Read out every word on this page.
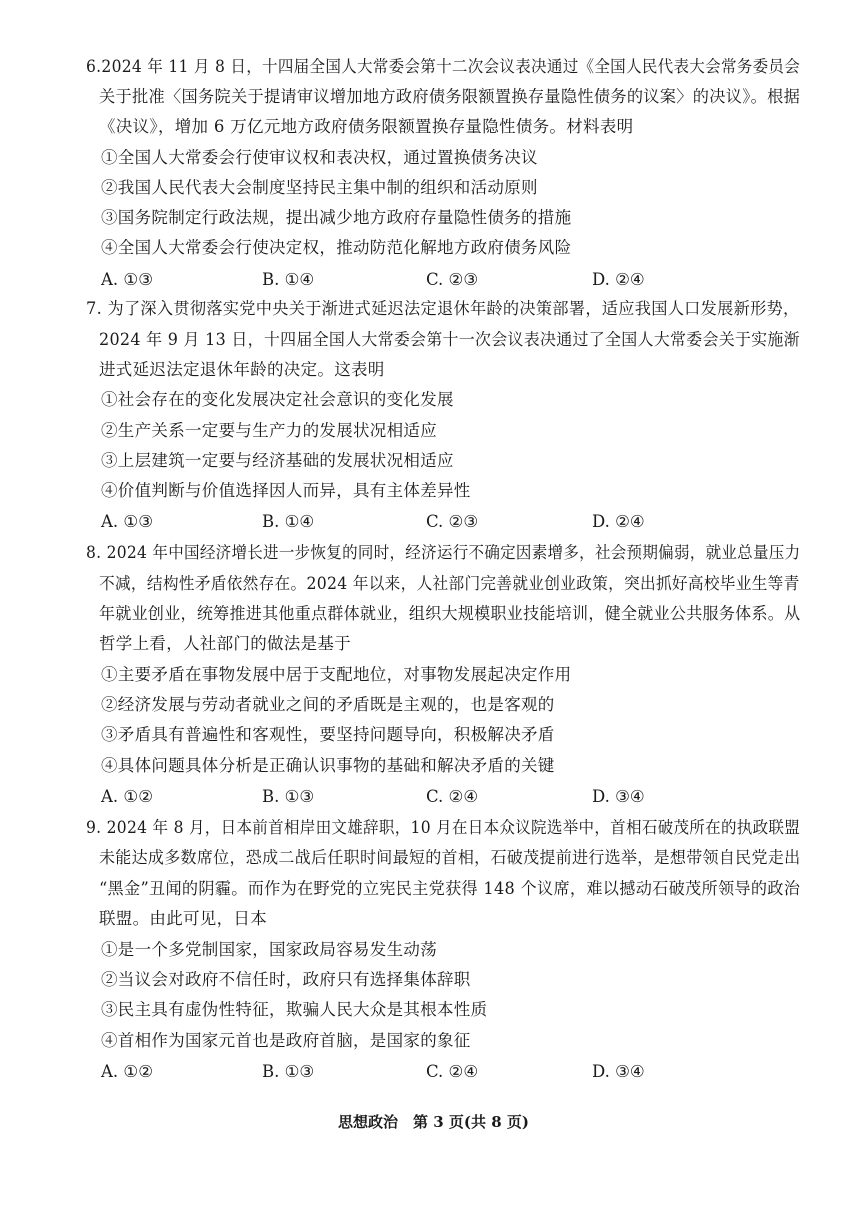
6.2024 年 11 月 8 日，十四届全国人大常委会第十二次会议表决通过《全国人民代表大会常务委员会
关于批准〈国务院关于提请审议增加地方政府债务限额置换存量隐性债务的议案〉的决议》。根据
《决议》，增加 6 万亿元地方政府债务限额置换存量隐性债务。材料表明
①全国人大常委会行使审议权和表决权，通过置换债务决议
②我国人民代表大会制度坚持民主集中制的组织和活动原则
③国务院制定行政法规，提出减少地方政府存量隐性债务的措施
④全国人大常委会行使决定权，推动防范化解地方政府债务风险
A. ①③	B. ①④	C. ②③	D. ②④
7. 为了深入贯彻落实党中央关于渐进式延迟法定退休年龄的决策部署，适应我国人口发展新形势，
2024 年 9 月 13 日，十四届全国人大常委会第十一次会议表决通过了全国人大常委会关于实施渐
进式延迟法定退休年龄的决定。这表明
①社会存在的变化发展决定社会意识的变化发展
②生产关系一定要与生产力的发展状况相适应
③上层建筑一定要与经济基础的发展状况相适应
④价值判断与价值选择因人而异，具有主体差异性
A. ①③	B. ①④	C. ②③	D. ②④
8. 2024 年中国经济增长进一步恢复的同时，经济运行不确定因素增多，社会预期偏弱，就业总量压力
不减，结构性矛盾依然存在。2024 年以来，人社部门完善就业创业政策，突出抓好高校毕业生等青
年就业创业，统筹推进其他重点群体就业，组织大规模职业技能培训，健全就业公共服务体系。从
哲学上看，人社部门的做法是基于
①主要矛盾在事物发展中居于支配地位，对事物发展起决定作用
②经济发展与劳动者就业之间的矛盾既是主观的，也是客观的
③矛盾具有普遍性和客观性，要坚持问题导向，积极解决矛盾
④具体问题具体分析是正确认识事物的基础和解决矛盾的关键
A. ①②	B. ①③	C. ②④	D. ③④
9. 2024 年 8 月，日本前首相岸田文雄辞职，10 月在日本众议院选举中，首相石破茂所在的执政联盟
未能达成多数席位，恐成二战后任职时间最短的首相，石破茂提前进行选举，是想带领自民党走出
“黑金”丑闻的阴霾。而作为在野党的立宪民主党获得 148 个议席，难以撼动石破茂所领导的政治
联盟。由此可见，日本
①是一个多党制国家，国家政局容易发生动荡
②当议会对政府不信任时，政府只有选择集体辞职
③民主具有虚伪性特征，欺骗人民大众是其根本性质
④首相作为国家元首也是政府首脑，是国家的象征
A. ①②	B. ①③	C. ②④	D. ③④
思想政治　第 3 页(共 8 页)
